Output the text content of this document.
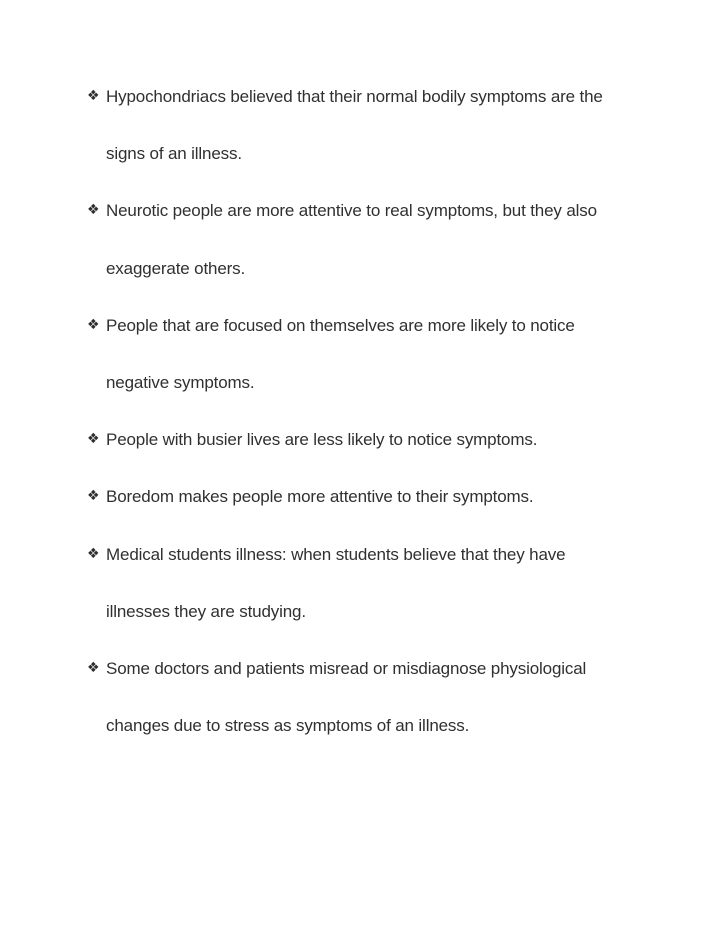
❖ Hypochondriacs believed that their normal bodily symptoms are the
signs of an illness.
❖ Neurotic people are more attentive to real symptoms, but they also
exaggerate others.
❖ People that are focused on themselves are more likely to notice
negative symptoms.
❖ People with busier lives are less likely to notice symptoms.
❖ Boredom makes people more attentive to their symptoms.
❖ Medical students illness: when students believe that they have
illnesses they are studying.
❖ Some doctors and patients misread or misdiagnose physiological
changes due to stress as symptoms of an illness.
